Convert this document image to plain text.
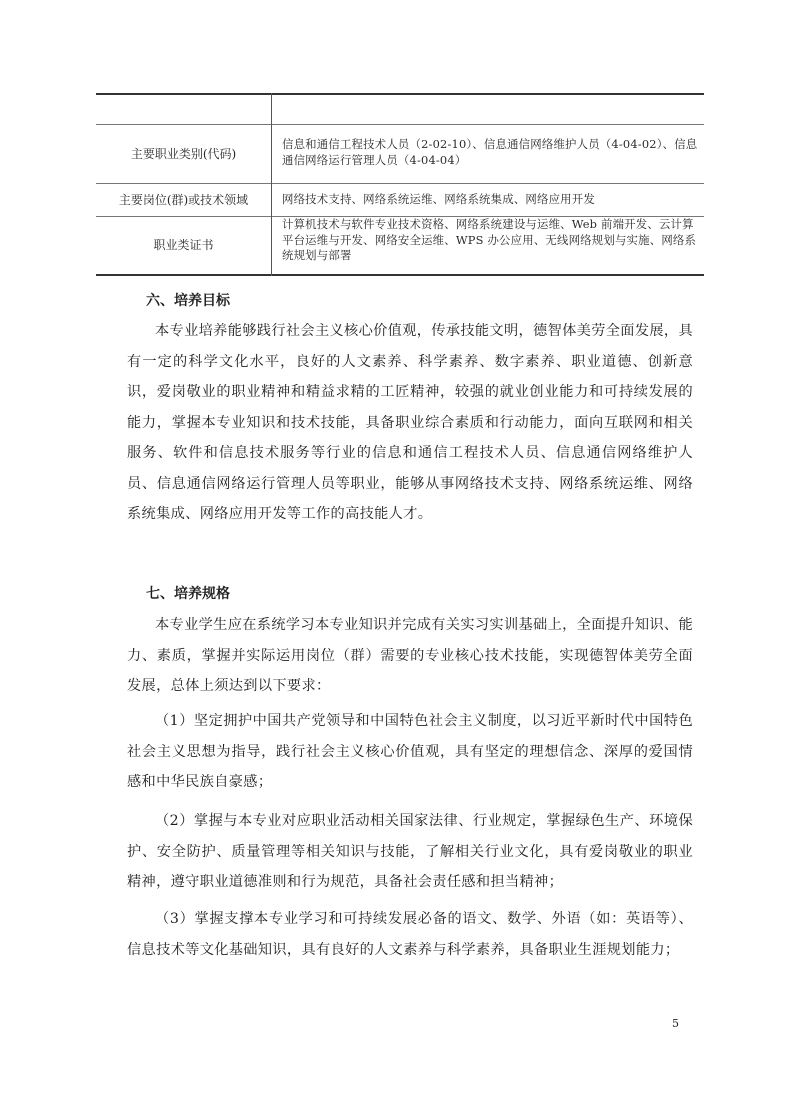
主要职业类别(代码)
信息和通信工程技术人员（2-02-10）、信息通信网络维护人员（4-04-02）、信息通信网络运行管理人员（4-04-04）
主要岗位(群)或技术领域	网络技术支持、网络系统运维、网络系统集成、网络应用开发
职业类证书
计算机技术与软件专业技术资格、网络系统建设与运维、Web 前端开发、云计算平台运维与开发、网络安全运维、WPS 办公应用、无线网络规划与实施、网络系统规划与部署
六、培养目标

本专业培养能够践行社会主义核心价值观，传承技能文明，德智体美劳全面发展，具有一定的科学文化水平，良好的人文素养、科学素养、数字素养、职业道德、创新意识，爱岗敬业的职业精神和精益求精的工匠精神，较强的就业创业能力和可持续发展的能力，掌握本专业知识和技术技能，具备职业综合素质和行动能力，面向互联网和相关服务、软件和信息技术服务等行业的信息和通信工程技术人员、信息通信网络维护人员、信息通信网络运行管理人员等职业，能够从事网络技术支持、网络系统运维、网络系统集成、网络应用开发等工作的高技能人才。

七、培养规格

本专业学生应在系统学习本专业知识并完成有关实习实训基础上，全面提升知识、能力、素质，掌握并实际运用岗位（群）需要的专业核心技术技能，实现德智体美劳全面发展，总体上须达到以下要求：

（1）坚定拥护中国共产党领导和中国特色社会主义制度，以习近平新时代中国特色社会主义思想为指导，践行社会主义核心价值观，具有坚定的理想信念、深厚的爱国情感和中华民族自豪感；

（2）掌握与本专业对应职业活动相关国家法律、行业规定，掌握绿色生产、环境保护、安全防护、质量管理等相关知识与技能，了解相关行业文化，具有爱岗敬业的职业精神，遵守职业道德准则和行为规范，具备社会责任感和担当精神；

（3）掌握支撑本专业学习和可持续发展必备的语文、数学、外语（如：英语等）、信息技术等文化基础知识，具有良好的人文素养与科学素养，具备职业生涯规划能力；

5
